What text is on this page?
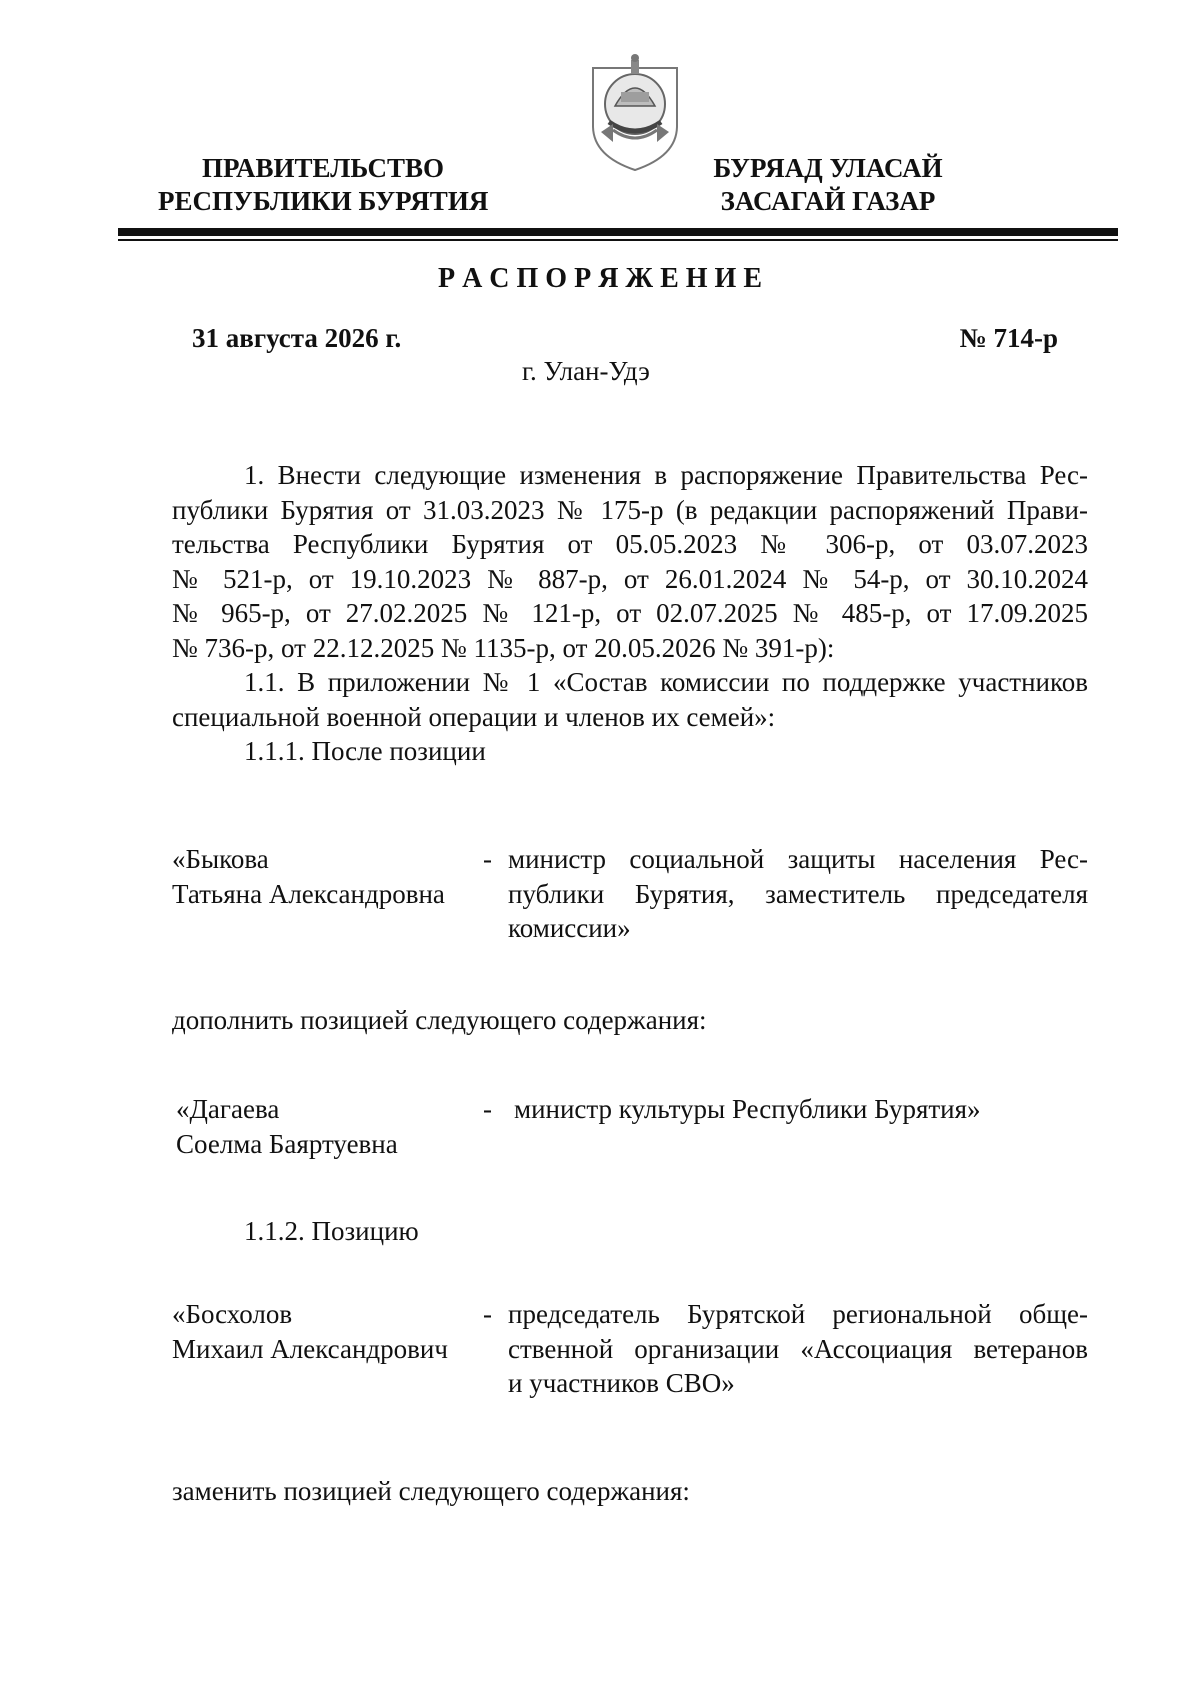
ПРАВИТЕЛЬСТВО
РЕСПУБЛИКИ БУРЯТИЯ
БУРЯАД УЛАСАЙ
ЗАСАГАЙ ГАЗАР
Р А С П О Р Я Ж Е Н И Е
31 августа 2026 г.	№ 714-р
г. Улан-Удэ
1. Внести следующие изменения в распоряжение Правительства Рес-
публики Бурятия от 31.03.2023 № 175-р (в редакции распоряжений Прави-
тельства Республики Бурятия от 05.05.2023 № 306-р, от 03.07.2023
№ 521-р, от 19.10.2023 № 887-р, от 26.01.2024 № 54-р, от 30.10.2024
№ 965-р, от 27.02.2025 № 121-р, от 02.07.2025 № 485-р, от 17.09.2025
№ 736-р, от 22.12.2025 № 1135-р, от 20.05.2026 № 391-р):
1.1. В приложении № 1 «Состав комиссии по поддержке участников
специальной военной операции и членов их семей»:
1.1.1. После позиции
«Быкова
Татьяна Александровна
- министр социальной защиты населения Рес-
публики Бурятия, заместитель председателя
комиссии»
дополнить позицией следующего содержания:
«Дагаева
Соелма Баяртуевна
- министр культуры Республики Бурятия»
1.1.2. Позицию
«Босхолов
Михаил Александрович
- председатель Бурятской региональной обще-
ственной организации «Ассоциация ветеранов
и участников СВО»
заменить позицией следующего содержания:
